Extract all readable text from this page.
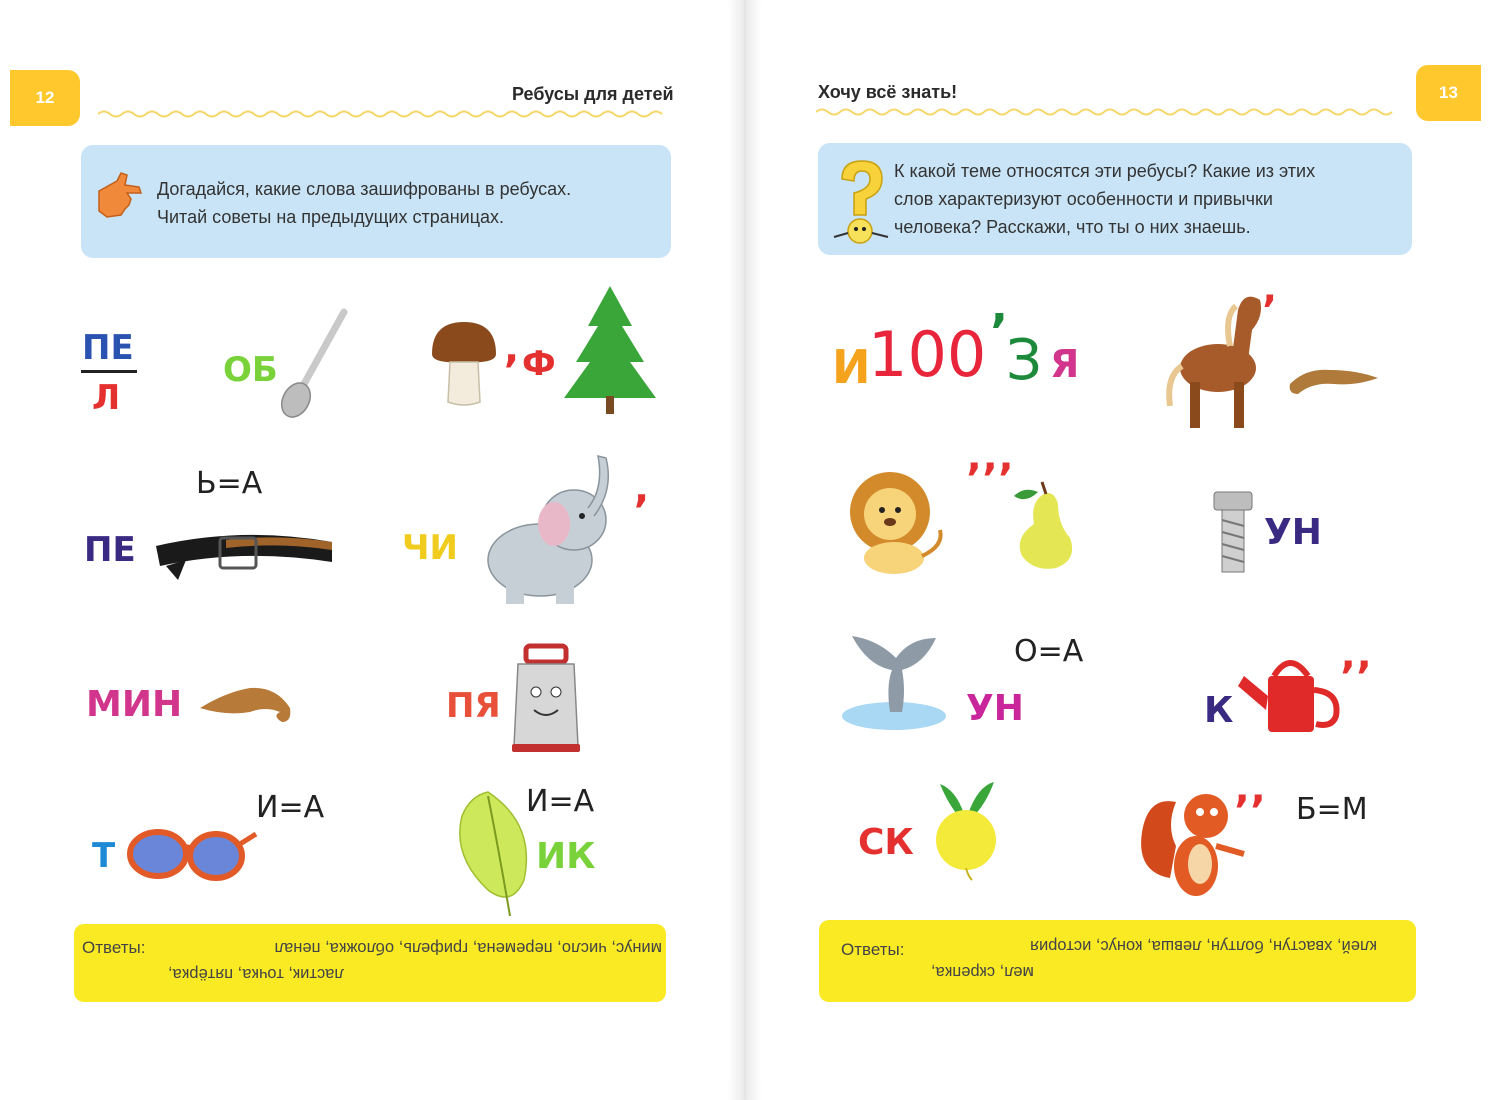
12	Ребусы для детей
Догадайся, какие слова зашифрованы в ребусах.
Читай советы на предыдущих страницах.
ПЕ
Л
ОБ	, Ф
Ь=А
ПЕ	ЧИ
,
МИН	ПЯ
И=А
Т
И=А
ИК
Ответы:	минус, число, перемена, грифель, обложка, пенал
ластик, точка, пятёрка,
13
Хочу всё знать!
К какой теме относятся эти ребусы? Какие из этих
слов характеризуют особенности и привычки
человека? Расскажи, что ты о них знаешь.
И
100 ’
З Я
’
’’’
УН
О=А
УН	К
’’
СК
’’ Б=М
Ответы:	клей, хвастун, болтун, левша, конус, история
мел, скрепка,
